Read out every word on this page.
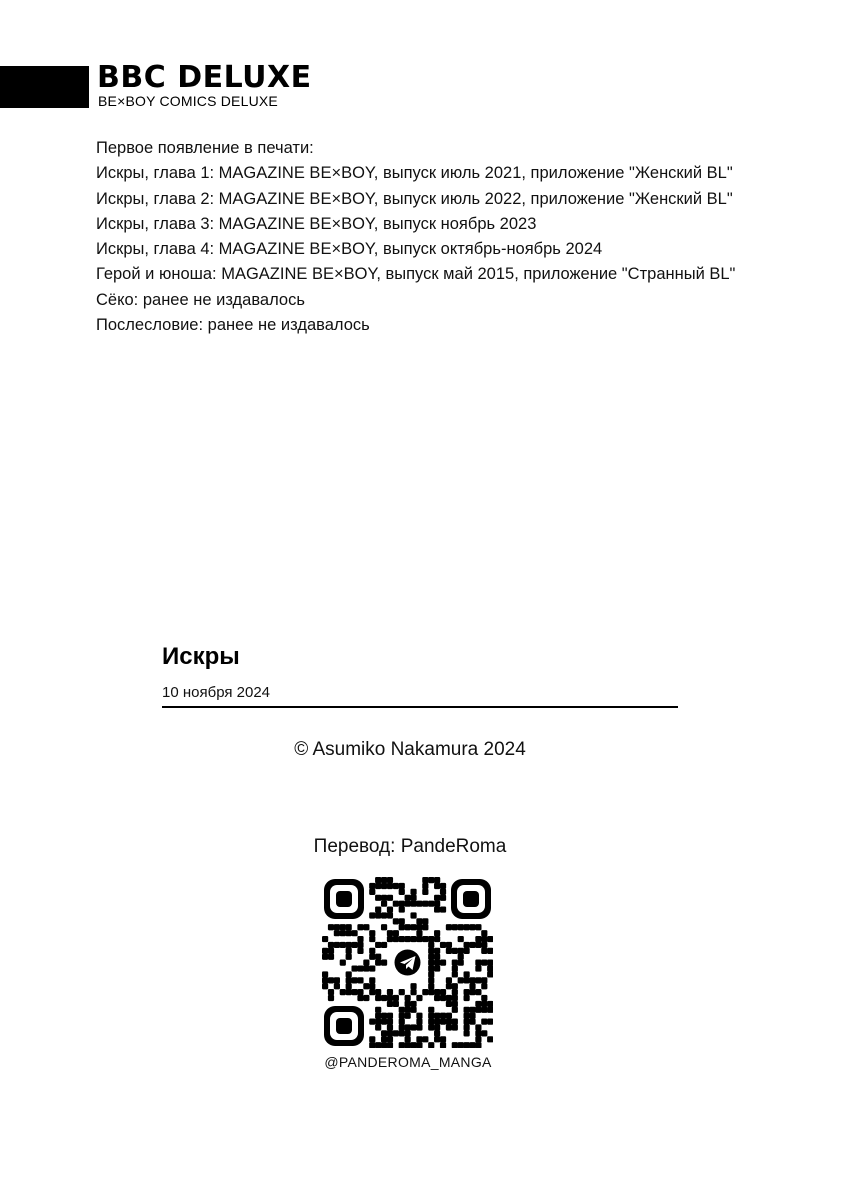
BBC DELUXE
BE×BOY COMICS DELUXE
Первое появление в печати:
Искры, глава 1: MAGAZINE BE×BOY, выпуск июль 2021, приложение "Женский BL"
Искры, глава 2: MAGAZINE BE×BOY, выпуск июль 2022, приложение "Женский BL"
Искры, глава 3: MAGAZINE BE×BOY, выпуск ноябрь 2023
Искры, глава 4: MAGAZINE BE×BOY, выпуск октябрь-ноябрь 2024
Герой и юноша: MAGAZINE BE×BOY, выпуск май 2015, приложение "Странный BL"
Сёко: ранее не издавалось
Послесловие: ранее не издавалось
Искры
10 ноября 2024
© Asumiko Nakamura 2024
Перевод: PandeRoma
@PANDEROMA_MANGA
